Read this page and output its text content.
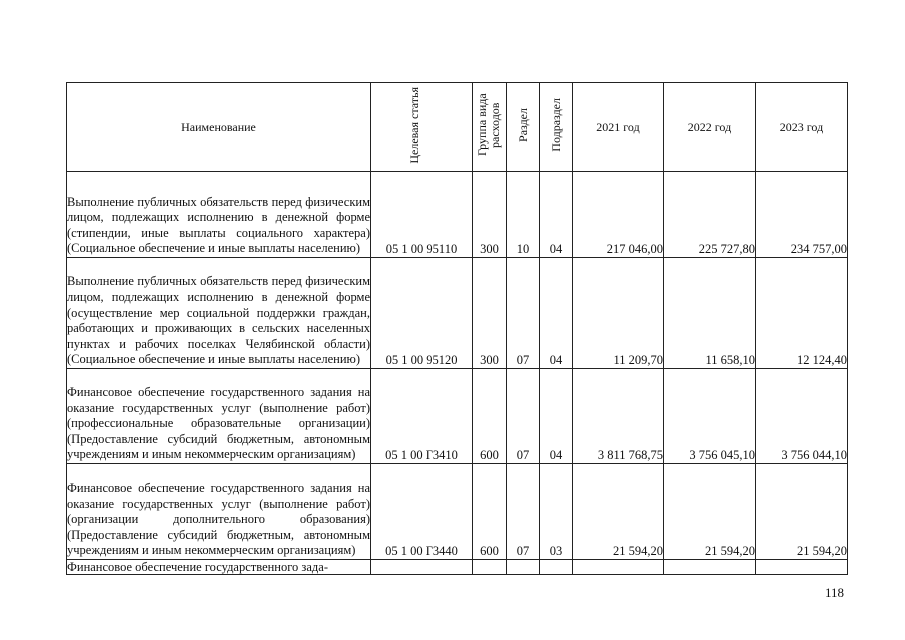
Наименование	Целевая статья	Группа вида расходов	Раздел	Подраздел	2021 год	2022 год	2023 год

Выполнение публичных обязательств перед физическим лицом, подлежащих исполнению в денежной форме (стипендии, иные выплаты социального характера) (Социальное обеспечение и иные выплаты населению)	05 1 00 95110	300	10	04	217 046,00	225 727,80	234 757,00

Выполнение публичных обязательств перед физическим лицом, подлежащих исполнению в денежной форме (осуществление мер социальной поддержки граждан, работающих и проживающих в сельских населенных пунктах и рабочих поселках Челябинской области) (Социальное обеспечение и иные выплаты населению)	05 1 00 95120	300	07	04	11 209,70	11 658,10	12 124,40

Финансовое обеспечение государственного задания на оказание государственных услуг (выполнение работ) (профессиональные образовательные организации) (Предоставление субсидий бюджетным, автономным учреждениям и иным некоммерческим организациям)	05 1 00 Г3410	600	07	04	3 811 768,75	3 756 045,10	3 756 044,10

Финансовое обеспечение государственного задания на оказание государственных услуг (выполнение работ) (организации дополнительного образования) (Предоставление субсидий бюджетным, автономным учреждениям и иным некоммерческим организациям)	05 1 00 Г3440	600	07	03	21 594,20	21 594,20	21 594,20

Финансовое обеспечение государственного зада-							

118
